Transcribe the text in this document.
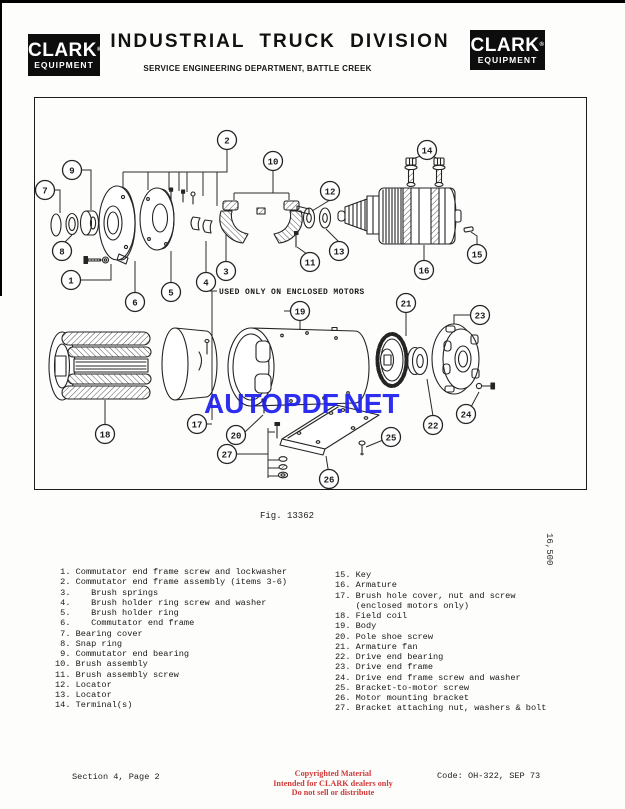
CLARK®
EQUIPMENT
INDUSTRIAL TRUCK DIVISION
SERVICE ENGINEERING DEPARTMENT, BATTLE CREEK
CLARK®
EQUIPMENT
USED ONLY ON ENCLOSED MOTORS
1
2
3
4
5
6
7
8
9
10
11
12
13
14
15
16
17
18
19
20
21
22
23
24
25
26
27
AUTOPDF.NET
Fig. 13362
16,500
1. Commutator end frame screw and lockwasher
2. Commutator end frame assembly (items 3-6)
3.    Brush springs
4.    Brush holder ring screw and washer
5.    Brush holder ring
6.    Commutator end frame
7. Bearing cover
8. Snap ring
9. Commutator end bearing
10. Brush assembly
11. Brush assembly screw
12. Locator
13. Locator
14. Terminal(s)
15. Key
16. Armature
17. Brush hole cover, nut and screw
(enclosed motors only)
18. Field coil
19. Body
20. Pole shoe screw
21. Armature fan
22. Drive end bearing
23. Drive end frame
24. Drive end frame screw and washer
25. Bracket-to-motor screw
26. Motor mounting bracket
27. Bracket attaching nut, washers & bolt
Section 4, Page 2	Copyrighted Material
Intended for CLARK dealers only
Do not sell or distribute
Code: OH-322, SEP 73
